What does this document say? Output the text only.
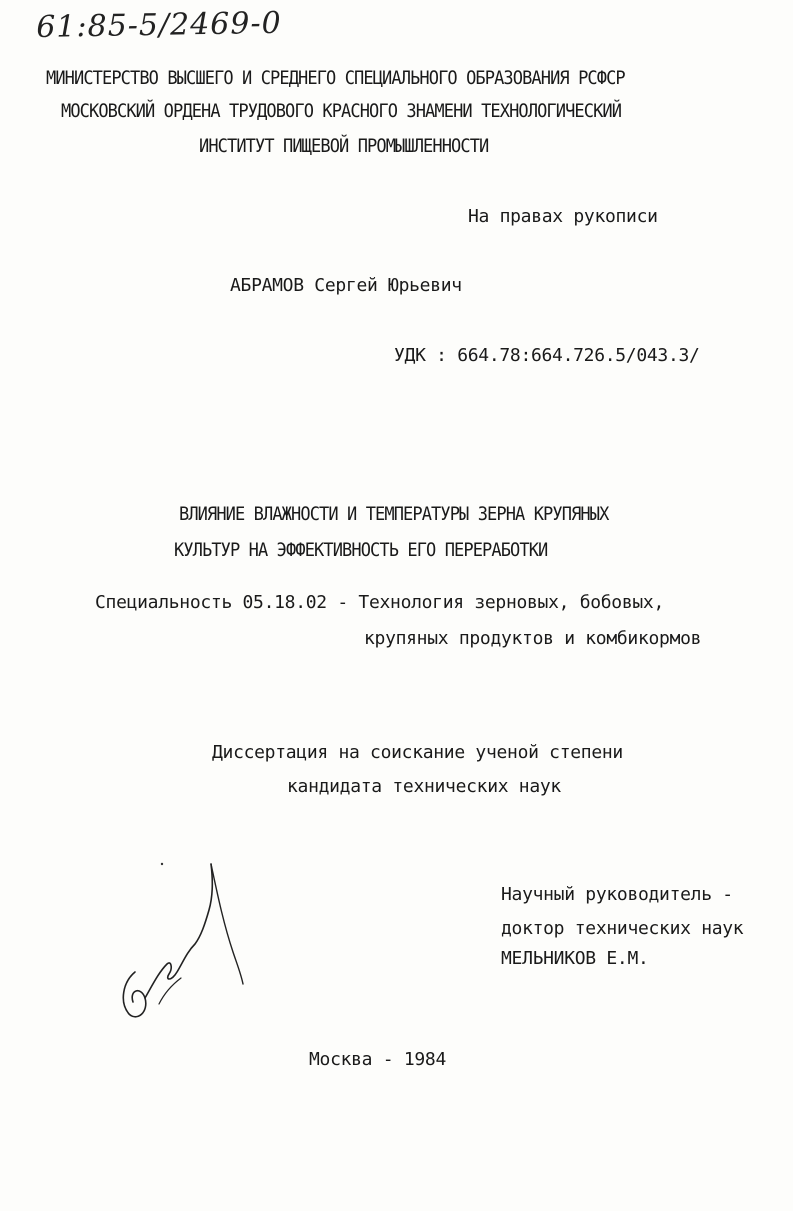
61:85-5/2469-0
МИНИСТЕРСТВО ВЫСШЕГО И СРЕДНЕГО СПЕЦИАЛЬНОГО ОБРАЗОВАНИЯ РСФСР
МОСКОВСКИЙ ОРДЕНА ТРУДОВОГО КРАСНОГО ЗНАМЕНИ ТЕХНОЛОГИЧЕСКИЙ
ИНСТИТУТ ПИЩЕВОЙ ПРОМЫШЛЕННОСТИ
На правах рукописи
АБРАМОВ Сергей Юрьевич
УДК : 664.78:664.726.5/043.3/
ВЛИЯНИЕ ВЛАЖНОСТИ И ТЕМПЕРАТУРЫ ЗЕРНА КРУПЯНЫХ
КУЛЬТУР НА ЭФФЕКТИВНОСТЬ ЕГО ПЕРЕРАБОТКИ
Специальность 05.18.02 - Технология зерновых, бобовых,
крупяных продуктов и комбикормов
Диссертация на соискание ученой степени
кандидата технических наук
Научный руководитель -
доктор технических наук
МЕЛЬНИКОВ Е.М.
Москва - 1984
